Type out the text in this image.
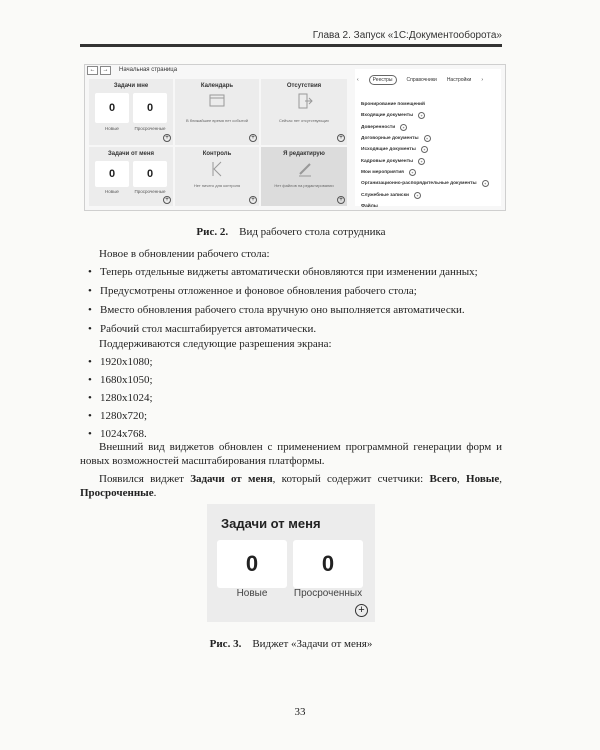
Глава 2. Запуск «1С:Документооборота»
←	→	Начальная страница
Задачи мне
0	0
Новые	Просроченные
+
Календарь
В ближайшее время нет событий
+
Отсутствия
Сейчас нет отсутствующих
+
Задачи от меня
0	0
Новые	Просроченные
+
Контроль
Нет ничего для контроля
+
Я редактирую
Нет файлов на редактировании
+
‹	Реестры	Справочники Настройки ›
Бронирование помещений
Входящие документы	+
Доверенности	+
Договорные документы	+
Исходящие документы	+
Кадровые документы	+
Мои мероприятия	+
Организационно-распорядительные документы	+
Служебные записки	+
Файлы
Рис. 2. Вид рабочего стола сотрудника
Новое в обновлении рабочего стола:
• Теперь отдельные виджеты автоматически обновляются при изменении данных;
• Предусмотрены отложенное и фоновое обновления рабочего стола;
• Вместо обновления рабочего стола вручную оно выполняется автоматически.
• Рабочий стол масштабируется автоматически.
Поддерживаются следующие разрешения экрана:
• 1920x1080;
• 1680x1050;
• 1280x1024;
• 1280x720;
• 1024x768.
Внешний вид виджетов обновлен с применением программной генерации форм и новых возможностей масштабирования платформы.
Появился виджет Задачи от меня, который содержит счетчики: Всего, Новые, Просроченные.
Задачи от меня
0	0
Новые	Просроченных
+
Рис. 3. Виджет «Задачи от меня»
33
